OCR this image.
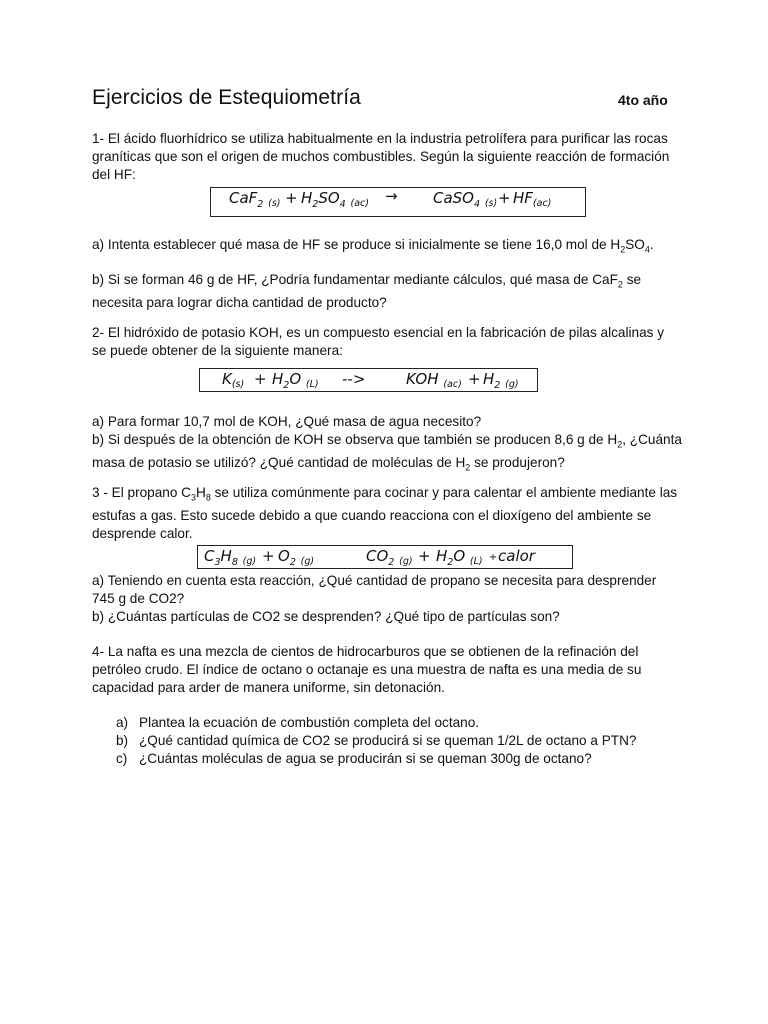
Ejercicios de Estequiometría	4to año

1- El ácido fluorhídrico se utiliza habitualmente en la industria petrolífera para purificar las rocas graníticas que son el origen de muchos combustibles. Según la siguiente reacción de formación del HF:

CaF$_2$ $_{(s)} + H_2SO_4$ $_{(ac)}$ → CaSO$_4$ $_{(s)} + HF_{(ac)}$

a) Intenta establecer qué masa de HF se produce si inicialmente se tiene 16,0 mol de $H_2SO_4$.

b) Si se forman 46 g de HF, ¿Podría fundamentar mediante cálculos, qué masa de CaF$_2$ se necesita para lograr dicha cantidad de producto?

2- El hidróxido de potasio KOH, es un compuesto esencial en la fabricación de pilas alcalinas y se puede obtener de la siguiente manera:

$K_{(s)} + H_2O$ $_{(L)}$ -->	KOH $_{(ac)} + H_2$ $_{(g)}$

a) Para formar 10,7 mol de KOH, ¿Qué masa de agua necesito?

b) Si después de la obtención de KOH se observa que también se producen 8,6 g de $H_2$, ¿Cuánta masa de potasio se utilizó? ¿Qué cantidad de moléculas de $H_2$ se produjeron?

3 - El propano $C_3H_8$ se utiliza comúnmente para cocinar y para calentar el ambiente mediante las estufas a gas. Esto sucede debido a que cuando reacciona con el dioxígeno del ambiente se desprende calor.

$C_3H_8$ $_{(g)} + O_2$ $_{(g)}$	$CO_2$ $_{(g)} + H_2O$ $_{(L)}$ + calor

a) Teniendo en cuenta esta reacción, ¿Qué cantidad de propano se necesita para desprender 745 g de CO2?

b) ¿Cuántas partículas de CO2 se desprenden? ¿Qué tipo de partículas son?

4- La nafta es una mezcla de cientos de hidrocarburos que se obtienen de la refinación del petróleo crudo. El índice de octano o octanaje es una muestra de nafta es una media de su capacidad para arder de manera uniforme, sin detonación.

a) Plantea la ecuación de combustión completa del octano.
b) ¿Qué cantidad química de CO2 se producirá si se queman 1/2L de octano a PTN?
c) ¿Cuántas moléculas de agua se producirán si se queman 300g de octano?
